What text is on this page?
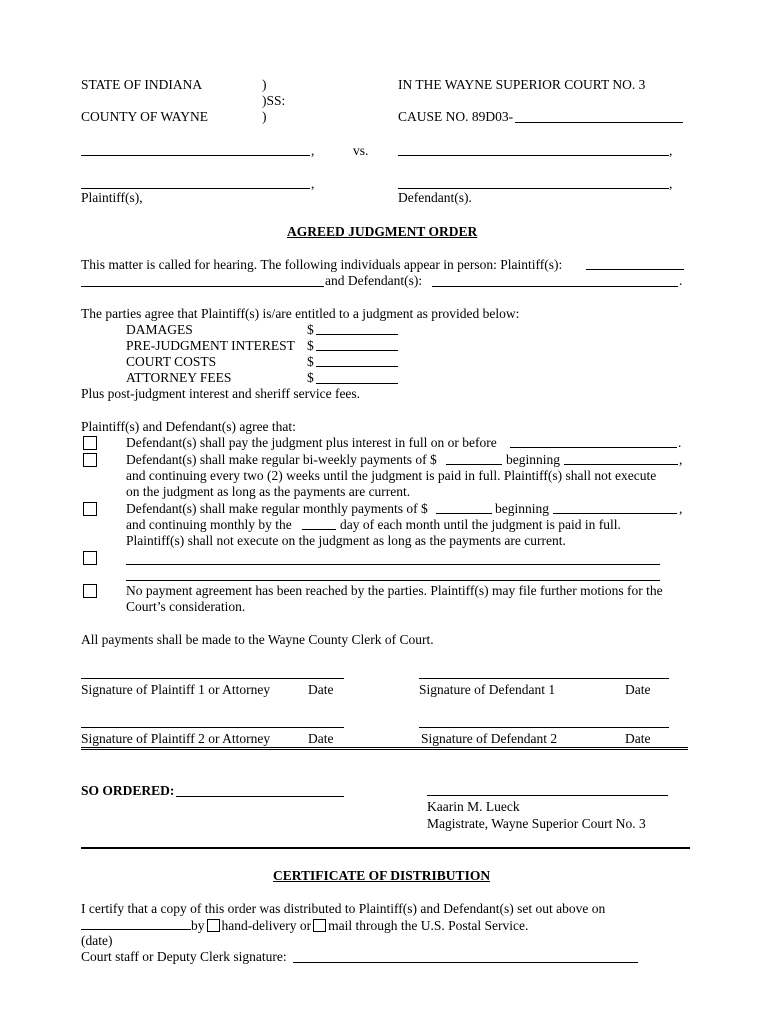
STATE OF INDIANA
COUNTY OF WAYNE
)
)SS:
)
IN THE WAYNE SUPERIOR COURT NO. 3
CAUSE NO. 89D03-
,	vs.	,
,	,
Plaintiff(s),	Defendant(s).
AGREED JUDGMENT ORDER
This matter is called for hearing. The following individuals appear in person: Plaintiff(s):
and Defendant(s):	.
The parties agree that Plaintiff(s) is/are entitled to a judgment as provided below:
DAMAGES	$
PRE-JUDGMENT INTEREST $
COURT COSTS	$
ATTORNEY FEES	$
Plus post-judgment interest and sheriff service fees.
Plaintiff(s) and Defendant(s) agree that:
Defendant(s) shall pay the judgment plus interest in full on or before	.
Defendant(s) shall make regular bi-weekly payments of $	beginning	,
and continuing every two (2) weeks until the judgment is paid in full. Plaintiff(s) shall not execute
on the judgment as long as the payments are current.
Defendant(s) shall make regular monthly payments of $	beginning	,
and continuing monthly by the	day of each month until the judgment is paid in full.
Plaintiff(s) shall not execute on the judgment as long as the payments are current.
No payment agreement has been reached by the parties. Plaintiff(s) may file further motions for the
Court’s consideration.
All payments shall be made to the Wayne County Clerk of Court.
Signature of Plaintiff 1 or Attorney	Date	Signature of Defendant 1	Date
Signature of Plaintiff 2 or Attorney	Date	Signature of Defendant 2	Date
SO ORDERED:
Kaarin M. Lueck
Magistrate, Wayne Superior Court No. 3
CERTIFICATE OF DISTRIBUTION
I certify that a copy of this order was distributed to Plaintiff(s) and Defendant(s) set out above on
by hand-delivery or mail through the U.S. Postal Service.
(date)
Court staff or Deputy Clerk signature:
